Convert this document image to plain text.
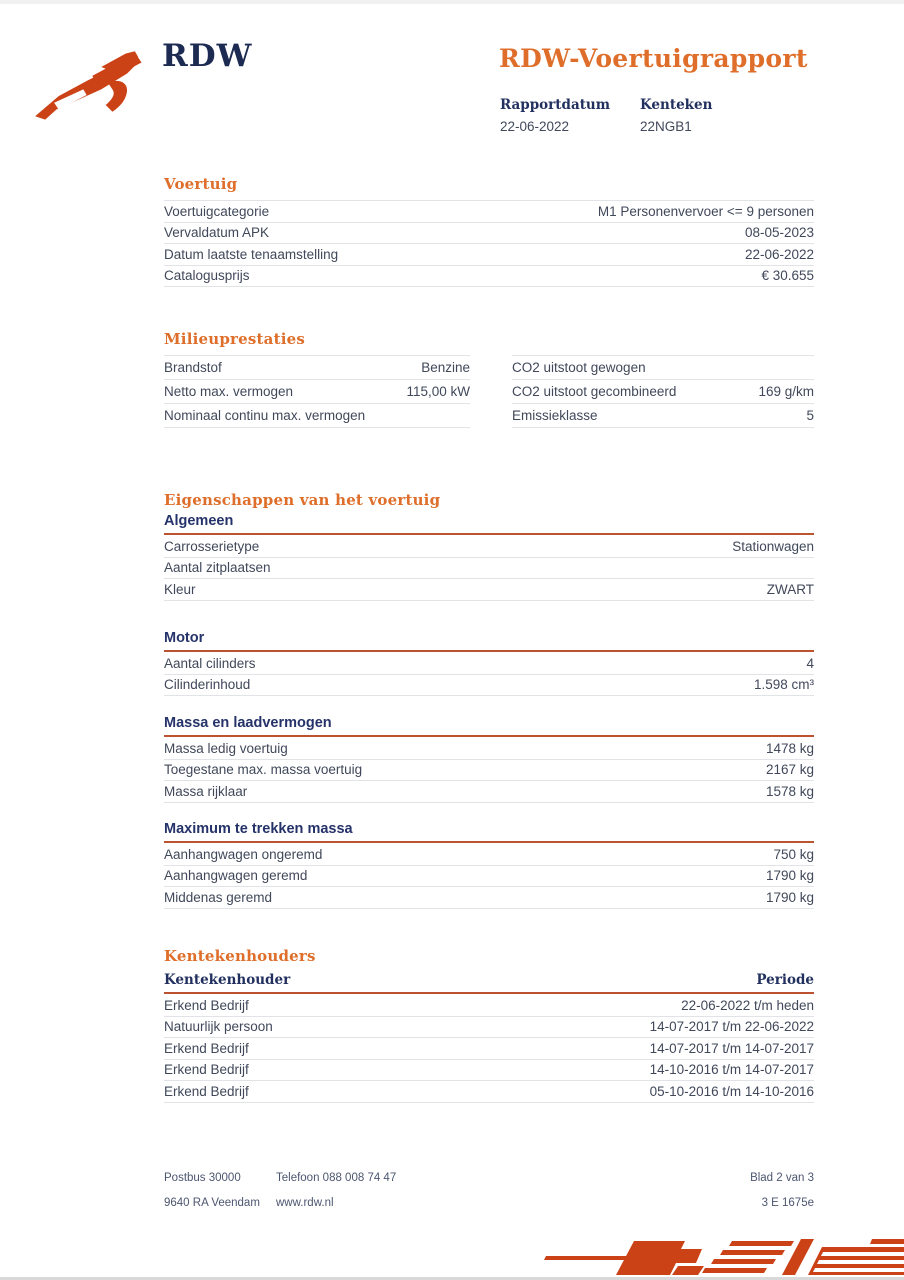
RDW	RDW-Voertuigrapport
Rapportdatum
22-06-2022
Kenteken
22NGB1
Voertuig
Voertuigcategorie	M1 Personenvervoer <= 9 personen
Vervaldatum APK	08-05-2023
Datum laatste tenaamstelling	22-06-2022
Catalogusprijs	€ 30.655
Milieuprestaties
Brandstof	Benzine
Netto max. vermogen	115,00 kW
Nominaal continu max. vermogen
CO2 uitstoot gewogen
CO2 uitstoot gecombineerd	169 g/km
Emissieklasse	5
Eigenschappen van het voertuig
Algemeen
Carrosserietype	Stationwagen
Aantal zitplaatsen
Kleur	ZWART
Motor
Aantal cilinders	4
Cilinderinhoud	1.598 cm³
Massa en laadvermogen
Massa ledig voertuig	1478 kg
Toegestane max. massa voertuig	2167 kg
Massa rijklaar	1578 kg
Maximum te trekken massa
Aanhangwagen ongeremd	750 kg
Aanhangwagen geremd	1790 kg
Middenas geremd	1790 kg
Kentekenhouders
Kentekenhouder	Periode
Erkend Bedrijf	22-06-2022 t/m heden
Natuurlijk persoon	14-07-2017 t/m 22-06-2022
Erkend Bedrijf	14-07-2017 t/m 14-07-2017
Erkend Bedrijf	14-10-2016 t/m 14-07-2017
Erkend Bedrijf	05-10-2016 t/m 14-10-2016
Postbus 30000	Telefoon 088 008 74 47	Blad 2 van 3
9640 RA Veendam	www.rdw.nl	3 E 1675e
